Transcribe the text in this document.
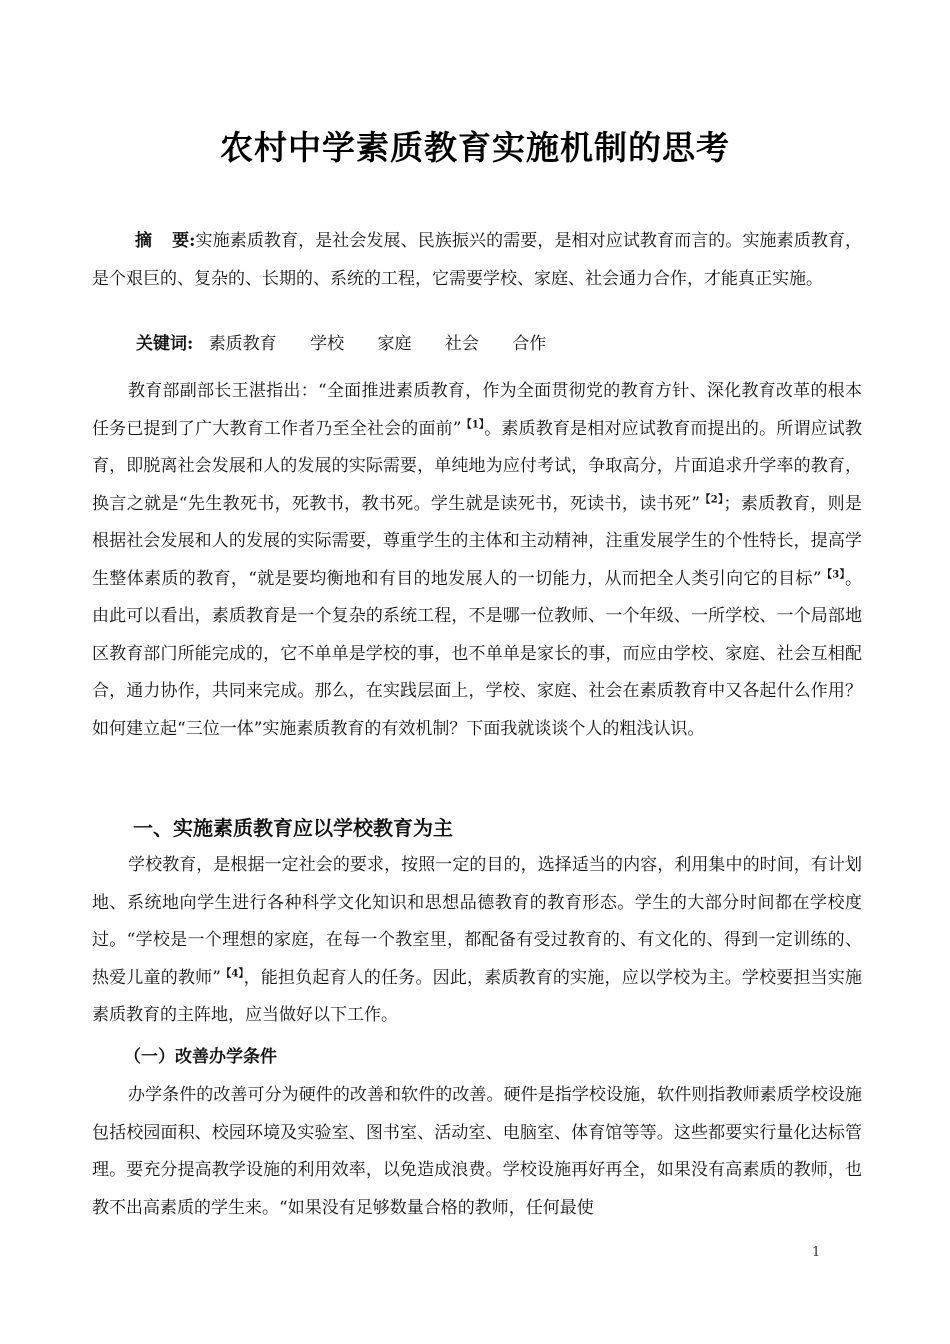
农村中学素质教育实施机制的思考
摘要:实施素质教育，是社会发展、民族振兴的需要，是相对应试教育而言的。实施素质教育，是个艰巨的、复杂的、长期的、系统的工程，它需要学校、家庭、社会通力合作，才能真正实施。
关键词: 素质教育 学校 家庭 社会 合作
教育部副部长王湛指出：“全面推进素质教育，作为全面贯彻党的教育方针、深化教育改革的根本任务已提到了广大教育工作者乃至全社会的面前”$^{【1】}$。素质教育是相对应试教育而提出的。所谓应试教育，即脱离社会发展和人的发展的实际需要，单纯地为应付考试，争取高分，片面追求升学率的教育，换言之就是“先生教死书，死教书，教书死。学生就是读死书，死读书，读书死”$^{【2】}$；素质教育，则是根据社会发展和人的发展的实际需要，尊重学生的主体和主动精神，注重发展学生的个性特长，提高学生整体素质的教育，“就是要均衡地和有目的地发展人的一切能力，从而把全人类引向它的目标”$^{【3】}$。由此可以看出，素质教育是一个复杂的系统工程，不是哪一位教师、一个年级、一所学校、一个局部地区教育部门所能完成的，它不单单是学校的事，也不单单是家长的事，而应由学校、家庭、社会互相配合，通力协作，共同来完成。那么，在实践层面上，学校、家庭、社会在素质教育中又各起什么作用？如何建立起“三位一体”实施素质教育的有效机制？下面我就谈谈个人的粗浅认识。
一、实施素质教育应以学校教育为主
学校教育，是根据一定社会的要求，按照一定的目的，选择适当的内容，利用集中的时间，有计划地、系统地向学生进行各种科学文化知识和思想品德教育的教育形态。学生的大部分时间都在学校度过。“学校是一个理想的家庭，在每一个教室里，都配备有受过教育的、有文化的、得到一定训练的、热爱儿童的教师”$^{【4】}$，能担负起育人的任务。因此，素质教育的实施，应以学校为主。学校要担当实施素质教育的主阵地，应当做好以下工作。
（一）改善办学条件
办学条件的改善可分为硬件的改善和软件的改善。硬件是指学校设施，软件则指教师素质学校设施包括校园面积、校园环境及实验室、图书室、活动室、电脑室、体育馆等等。这些都要实行量化达标管理。要充分提高教学设施的利用效率，以免造成浪费。学校设施再好再全，如果没有高素质的教师，也教不出高素质的学生来。“如果没有足够数量合格的教师，任何最使
1
